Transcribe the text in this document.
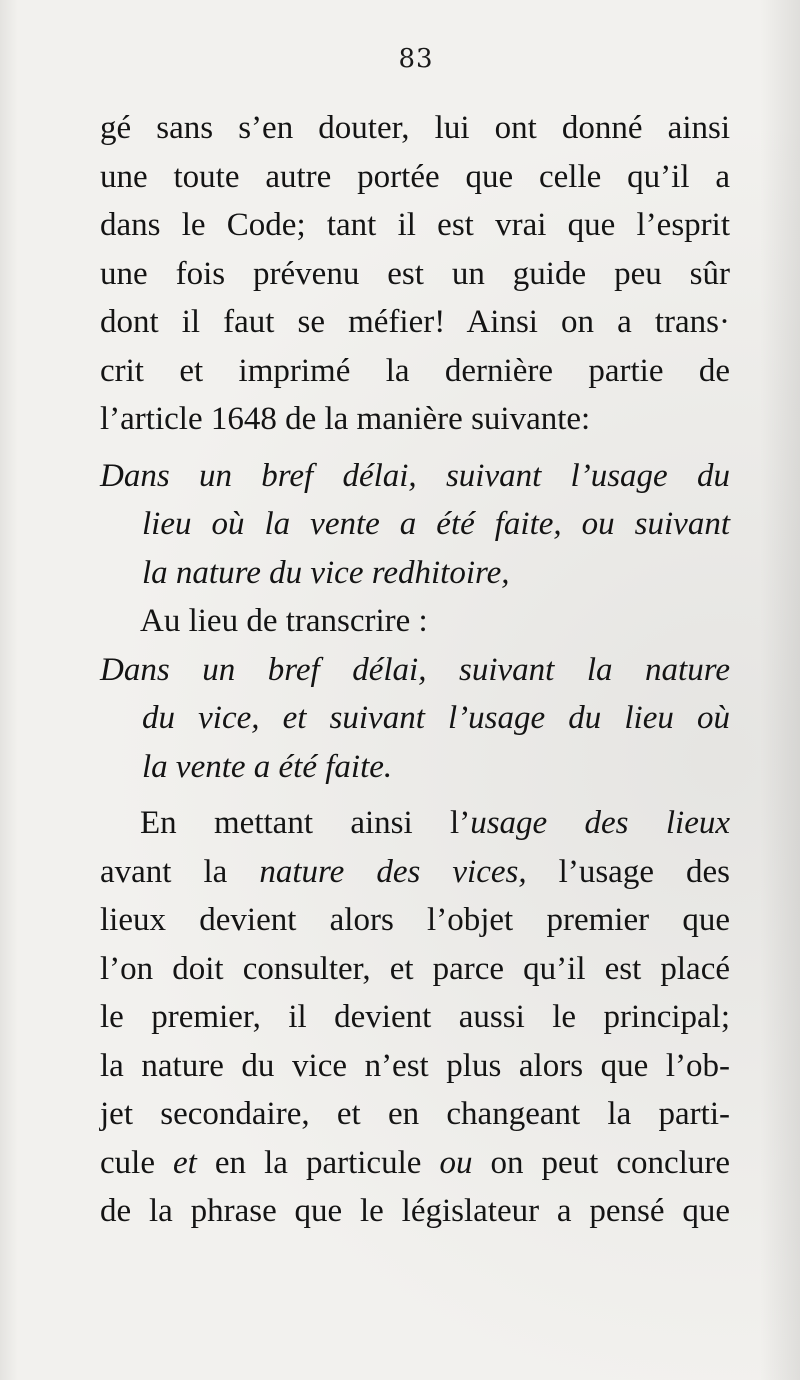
83
gé sans s’en douter, lui ont donné ainsi
une toute autre portée que celle qu’il a
dans le Code; tant il est vrai que l’esprit
une fois prévenu est un guide peu sûr
dont il faut se méfier! Ainsi on a trans·
crit et imprimé la dernière partie de
l’article 1648 de la manière suivante:
Dans un bref délai, suivant l’usage du
lieu où la vente a été faite, ou suivant
la nature du vice redhitoire,
Au lieu de transcrire :
Dans un bref délai, suivant la nature
du vice, et suivant l’usage du lieu où
la vente a été faite.
En mettant ainsi l’usage des lieux
avant la nature des vices, l’usage des
lieux devient alors l’objet premier que
l’on doit consulter, et parce qu’il est placé
le premier, il devient aussi le principal;
la nature du vice n’est plus alors que l’ob-
jet secondaire, et en changeant la parti-
cule et en la particule ou on peut conclure
de la phrase que le législateur a pensé que
